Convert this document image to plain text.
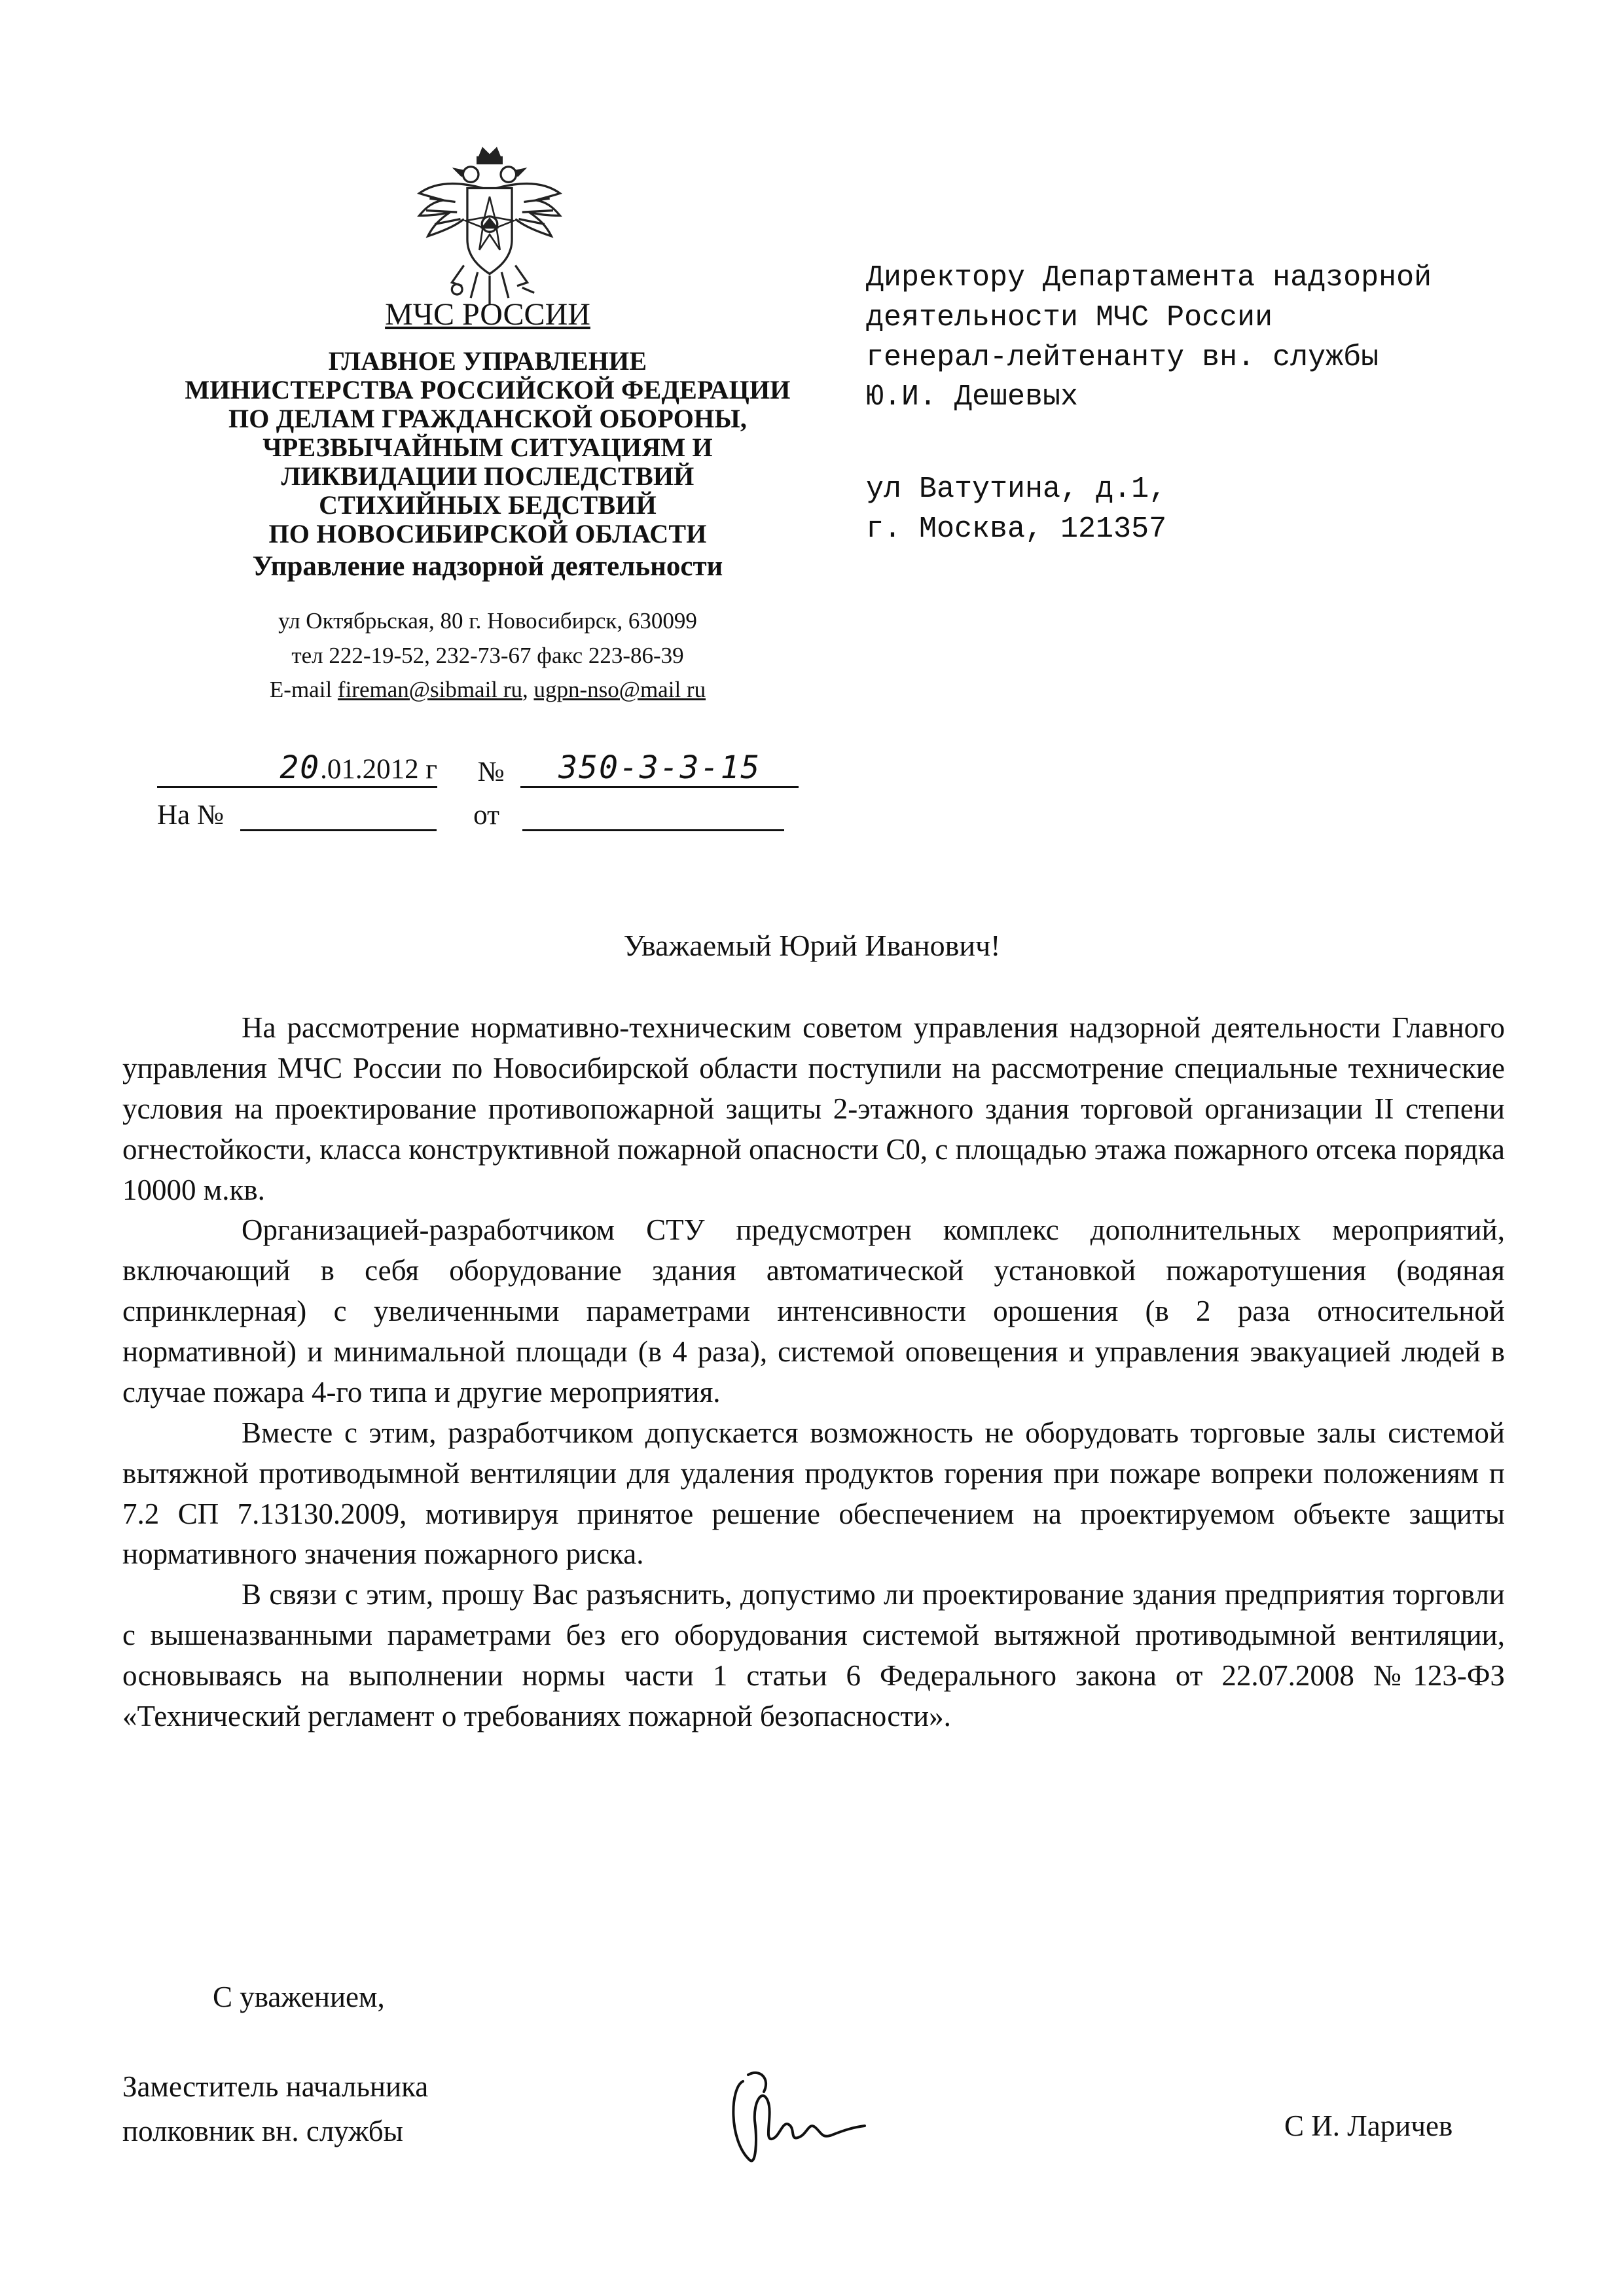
МЧС РОССИИ
ГЛАВНОЕ УПРАВЛЕНИЕ
МИНИСТЕРСТВА РОССИЙСКОЙ ФЕДЕРАЦИИ
ПО ДЕЛАМ ГРАЖДАНСКОЙ ОБОРОНЫ,
ЧРЕЗВЫЧАЙНЫМ СИТУАЦИЯМ И
ЛИКВИДАЦИИ ПОСЛЕДСТВИЙ
СТИХИЙНЫХ БЕДСТВИЙ
ПО НОВОСИБИРСКОЙ ОБЛАСТИ
Управление надзорной деятельности
ул Октябрьская, 80 г. Новосибирск, 630099
тел 222-19-52, 232-73-67 факс 223-86-39
E-mail fireman@sibmail ru, ugpn-nso@mail ru
20.01.2012 г № 350-3-3-15
На №	от
Директору Департамента надзорной
деятельности МЧС России
генерал-лейтенанту вн. службы
Ю.И. Дешевых
ул Ватутина, д.1,
г. Москва, 121357
Уважаемый Юрий Иванович!

На рассмотрение нормативно-техническим советом управления надзорной деятельности Главного управления МЧС России по Новосибирской области поступили на рассмотрение специальные технические условия на проектирование противопожарной защиты 2-этажного здания торговой организации II степени огнестойкости, класса конструктивной пожарной опасности С0, с площадью этажа пожарного отсека порядка 10000 м.кв.

Организацией-разработчиком СТУ предусмотрен комплекс дополнительных мероприятий, включающий в себя оборудование здания автоматической установкой пожаротушения (водяная спринклерная) с увеличенными параметрами интенсивности орошения (в 2 раза относительной нормативной) и минимальной площади (в 4 раза), системой оповещения и управления эвакуацией людей в случае пожара 4-го типа и другие мероприятия.

Вместе с этим, разработчиком допускается возможность не оборудовать торговые залы системой вытяжной противодымной вентиляции для удаления продуктов горения при пожаре вопреки положениям п 7.2 СП 7.13130.2009, мотивируя принятое решение обеспечением на проектируемом объекте защиты нормативного значения пожарного риска.

В связи с этим, прошу Вас разъяснить, допустимо ли проектирование здания предприятия торговли с вышеназванными параметрами без его оборудования системой вытяжной противодымной вентиляции, основываясь на выполнении нормы части 1 статьи 6 Федерального закона от 22.07.2008 №123-ФЗ «Технический регламент о требованиях пожарной безопасности».

С уважением,
Заместитель начальника
полковник вн. службы	С И. Ларичев
